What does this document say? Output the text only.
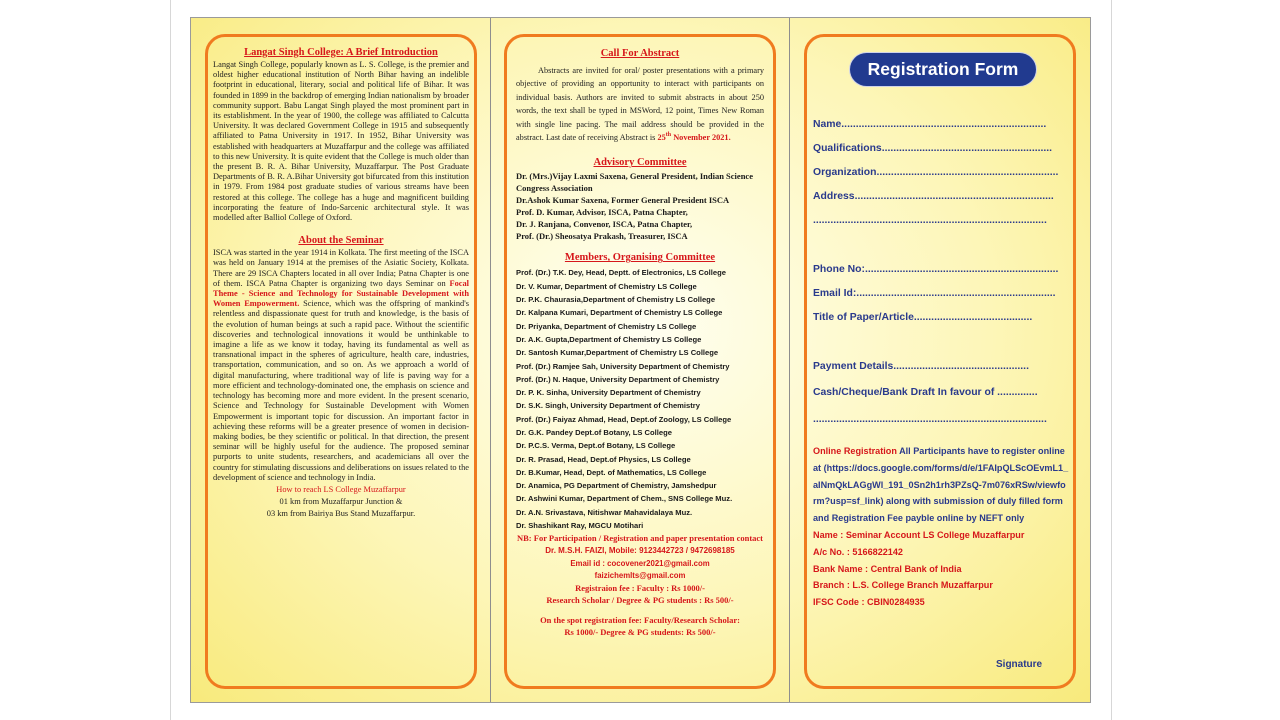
Langat Singh College: A Brief Introduction
Langat Singh College, popularly known as L. S. College, is the premier and oldest higher educational institution of North Bihar having an indelible footprint in educational, literary, social and political life of Bihar. It was founded in 1899 in the backdrop of emerging Indian nationalism by broader community support. Babu Langat Singh played the most prominent part in its establishment. In the year of 1900, the college was affiliated to Calcutta University. It was declared Government College in 1915 and subsequently affiliated to Patna University in 1917. In 1952, Bihar University was established with headquarters at Muzaffarpur and the college was affiliated to this new University. It is quite evident that the College is much older than the present B. R. A. Bihar University, Muzaffarpur. The Post Graduate Departments of B. R. A.Bihar University got bifurcated from this institution in 1979. From 1984 post graduate studies of various streams have been restored at this college. The college has a huge and magnificent building incorporating the feature of Indo-Sarcenic architectural style. It was modelled after Balliol College of Oxford.
About the Seminar
ISCA was started in the year 1914 in Kolkata. The first meeting of the ISCA was held on January 1914 at the premises of the Asiatic Society, Kolkata. There are 29 ISCA Chapters located in all over India; Patna Chapter is one of them. ISCA Patna Chapter is organizing two days Seminar on Focal Theme - Science and Technology for Sustainable Development with Women Empowerment. Science, which was the offspring of mankind's relentless and dispassionate quest for truth and knowledge, is the basis of the evolution of human beings at such a rapid pace. Without the scientific discoveries and technological innovations it would be unthinkable to imagine a life as we know it today, having its fundamental as well as transnational impact in the spheres of agriculture, health care, industries, transportation, communication, and so on. As we approach a world of digital manufacturing, where traditional way of life is paving way for a more efficient and technology-dominated one, the emphasis on science and technology has becoming more and more evident. In the present scenario, Science and Technology for Sustainable Development with Women Empowerment is important topic for discussion. An important factor in achieving these reforms will be a greater presence of women in decision-making bodies, be they scientific or political. In that direction, the present seminar will be highly useful for the audience. The proposed seminar purports to unite students, researchers, and academicians all over the country for stimulating discussions and deliberations on issues related to the development of science and technology in India.
How to reach LS College Muzaffarpur
01 km from Muzaffarpur Junction &
03 km from Bairiya Bus Stand Muzaffarpur.
Call For Abstract
Abstracts are invited for oral/ poster presentations with a primary objective of providing an opportunity to interact with participants on individual basis. Authors are invited to submit abstracts in about 250 words, the text shall be typed in MSWord, 12 point, Times New Roman with single line pacing. The mail address should be provided in the abstract. Last date of receiving Abstract is 25th November 2021.
Advisory Committee
Dr. (Mrs.)Vijay Laxmi Saxena, General President, Indian Science Congress Association
Dr.Ashok Kumar Saxena, Former General President ISCA
Prof. D. Kumar, Advisor, ISCA, Patna Chapter,
Dr. J. Ranjana, Convenor, ISCA, Patna Chapter,
Prof. (Dr.) Sheosatya Prakash, Treasurer, ISCA
Members, Organising Committee
Prof. (Dr.) T.K. Dey, Head, Deptt. of Electronics, LS College
Dr. V. Kumar, Department of Chemistry LS College
Dr. P.K. Chaurasia,Department of Chemistry LS College
Dr. Kalpana Kumari, Department of Chemistry LS College
Dr. Priyanka, Department of Chemistry LS College
Dr. A.K. Gupta,Department of Chemistry LS College
Dr. Santosh Kumar,Department of Chemistry LS College
Prof. (Dr.) Ramjee Sah, University Department of Chemistry
Prof. (Dr.) N. Haque, University Department of Chemistry
Dr. P. K. Sinha, University Department of Chemistry
Dr. S.K. Singh, University Department of Chemistry
Prof. (Dr.) Faiyaz Ahmad, Head, Dept.of Zoology, LS College
Dr. G.K. Pandey Dept.of Botany, LS College
Dr. P.C.S. Verma, Dept.of Botany, LS College
Dr. R. Prasad, Head, Dept.of Physics, LS College
Dr. B.Kumar, Head, Dept. of Mathematics, LS College
Dr. Anamica, PG Department of Chemistry, Jamshedpur
Dr. Ashwini Kumar, Department of Chem., SNS College Muz.
Dr. A.N. Srivastava, Nitishwar Mahavidalaya Muz.
Dr. Shashikant Ray, MGCU Motihari
NB: For Participation / Registration and paper presentation contact
Dr. M.S.H. FAIZI, Mobile: 9123442723 / 9472698185
Email id : cocovener2021@gmail.com
faizichemlts@gmail.com
Registraion fee : Faculty : Rs 1000/-
Research Scholar / Degree & PG students : Rs 500/-
On the spot registration fee: Faculty/Research Scholar:
Rs 1000/- Degree & PG students: Rs 500/-
Registration Form
Name.......................................................................
Qualifications...........................................................
Organization...............................................................
Address.....................................................................
.................................................................................
Phone No:...................................................................
Email Id:.....................................................................
Title of Paper/Article.........................................
Payment Details...............................................
Cash/Cheque/Bank Draft In favour of ..............
.................................................................................
Online Registration All Participants have to register online at (https://docs.google.com/forms/d/e/1FAIpQLScOEvmL1_aINmQkLAGgWl_191_0Sn2h1rh3PZsQ-7m076xRSw/viewform?usp=sf_link) along with submission of duly filled form and Registration Fee payble online by NEFT only
Name : Seminar Account LS College Muzaffarpur
A/c No. : 5166822142
Bank Name : Central Bank of India
Branch : L.S. College Branch Muzaffarpur
IFSC Code : CBIN0284935
Signature
